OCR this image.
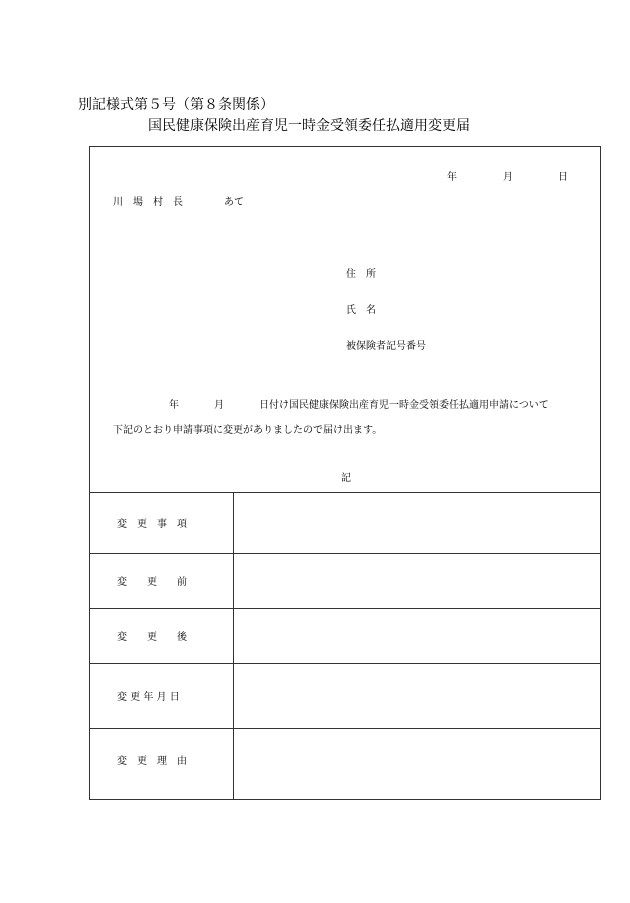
別記様式第５号（第８条関係）
国民健康保険出産育児一時金受領委任払適用変更届
年	月	日
川　場　村　長	あて
住　所
氏　名
被保険者記号番号
年	月	日付け国民健康保険出産育児一時金受領委任払適用申請について
下記のとおり申請事項に変更がありましたので届け出ます。
記
変　更　事　項
変　　更　　前
変　　更　　後
変 更 年 月 日
変　更　理　由
